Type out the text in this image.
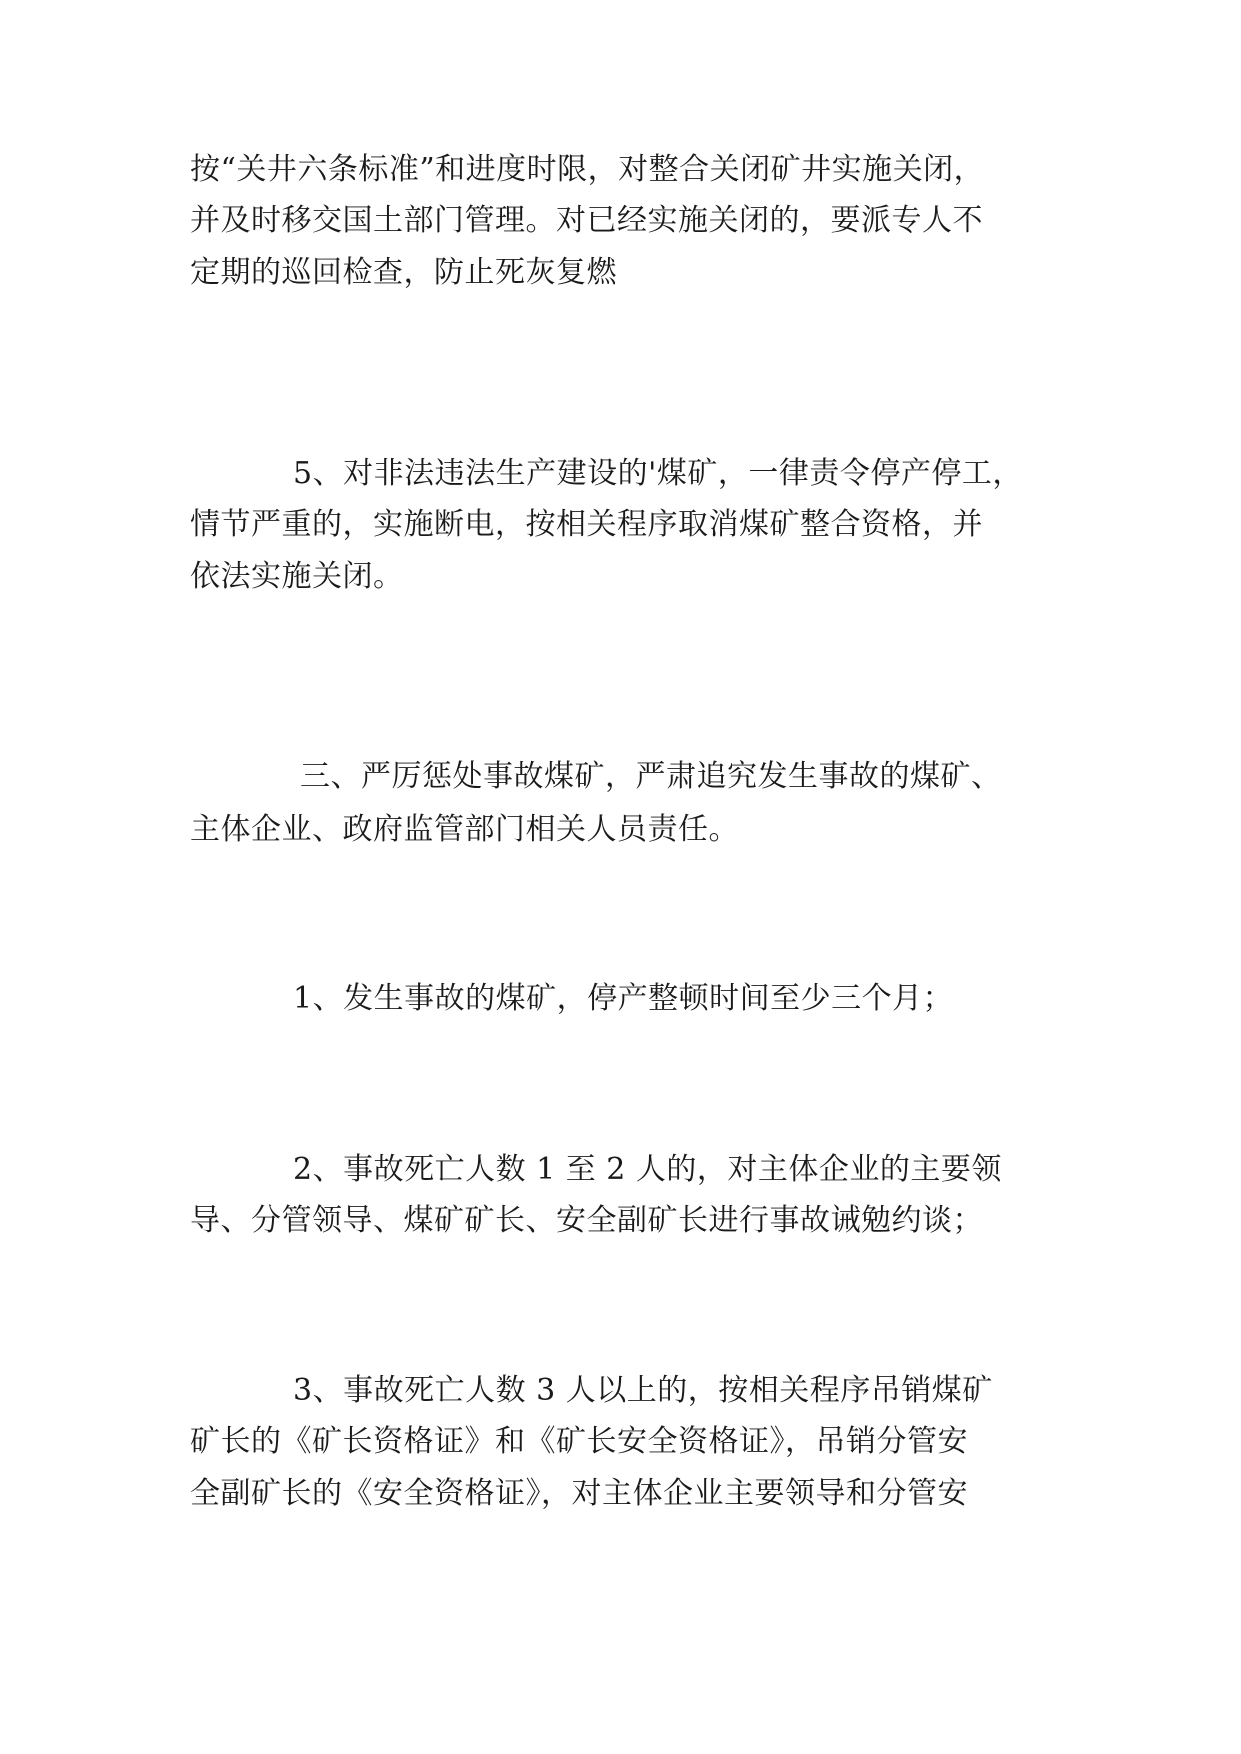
按“关井六条标准”和进度时限，对整合关闭矿井实施关闭，
并及时移交国土部门管理。对已经实施关闭的，要派专人不
定期的巡回检查，防止死灰复燃
5、对非法违法生产建设的'煤矿，一律责令停产停工，
情节严重的，实施断电，按相关程序取消煤矿整合资格，并
依法实施关闭。
三、严厉惩处事故煤矿，严肃追究发生事故的煤矿、
主体企业、政府监管部门相关人员责任。
1、发生事故的煤矿，停产整顿时间至少三个月；
2、事故死亡人数 1 至 2 人的，对主体企业的主要领
导、分管领导、煤矿矿长、安全副矿长进行事故诫勉约谈；
3、事故死亡人数 3 人以上的，按相关程序吊销煤矿
矿长的《矿长资格证》和《矿长安全资格证》，吊销分管安
全副矿长的《安全资格证》，对主体企业主要领导和分管安
